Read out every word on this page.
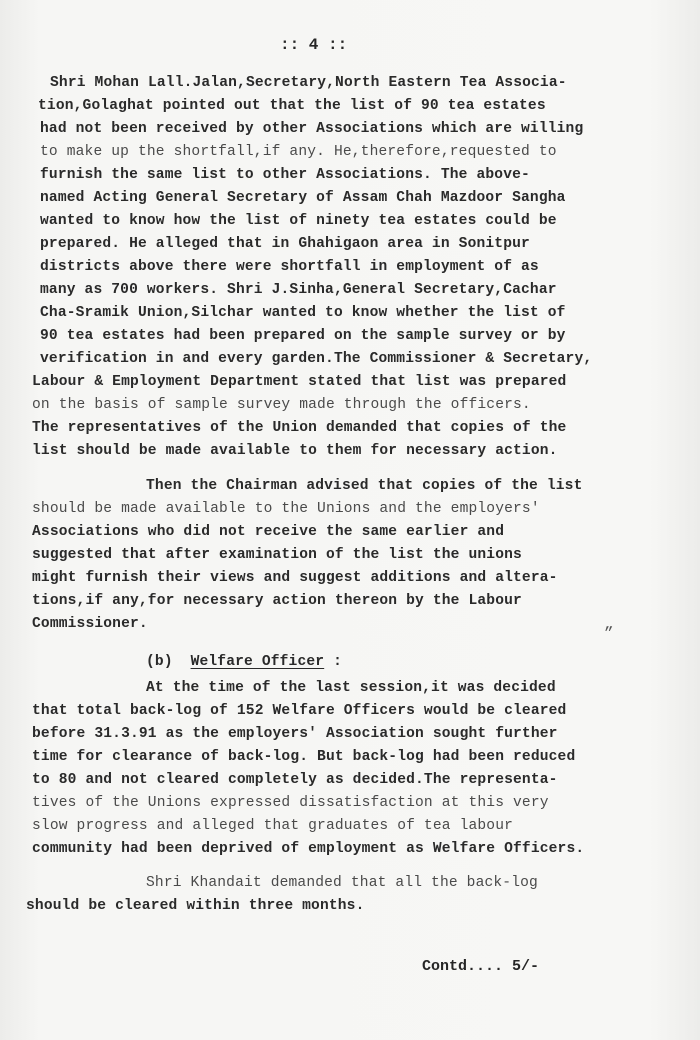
:: 4 ::
Shri Mohan Lall.Jalan,Secretary,North Eastern Tea Associa-
tion,Golaghat pointed out that the list of 90 tea estates
had not been received by other Associations which are willing
to make up the shortfall,if any. He,therefore,requested to
furnish the same list to other Associations. The above-
named Acting General Secretary of Assam Chah Mazdoor Sangha
wanted to know how the list of ninety tea estates could be
prepared. He alleged that in Ghahigaon area in Sonitpur
districts above there were shortfall in employment of as
many as 700 workers. Shri J.Sinha,General Secretary,Cachar
Cha-Sramik Union,Silchar wanted to know whether the list of
90 tea estates had been prepared on the sample survey or by
verification in and every garden.The Commissioner & Secretary,
Labour & Employment Department stated that list was prepared
on the basis of sample survey made through the officers.
The representatives of the Union demanded that copies of the
list should be made available to them for necessary action.
Then the Chairman advised that copies of the list
should be made available to the Unions and the employers'
Associations who did not receive the same earlier and
suggested that after examination of the list the unions
might furnish their views and suggest additions and altera-
tions,if any,for necessary action thereon by the Labour
Commissioner.	„
(b) Welfare Officer :
At the time of the last session,it was decided
that total back-log of 152 Welfare Officers would be cleared
before 31.3.91 as the employers' Association sought further
time for clearance of back-log. But back-log had been reduced
to 80 and not cleared completely as decided.The representa-
tives of the Unions expressed dissatisfaction at this very
slow progress and alleged that graduates of tea labour
community had been deprived of employment as Welfare Officers.
Shri Khandait demanded that all the back-log
should be cleared within three months.
Contd.... 5/-
